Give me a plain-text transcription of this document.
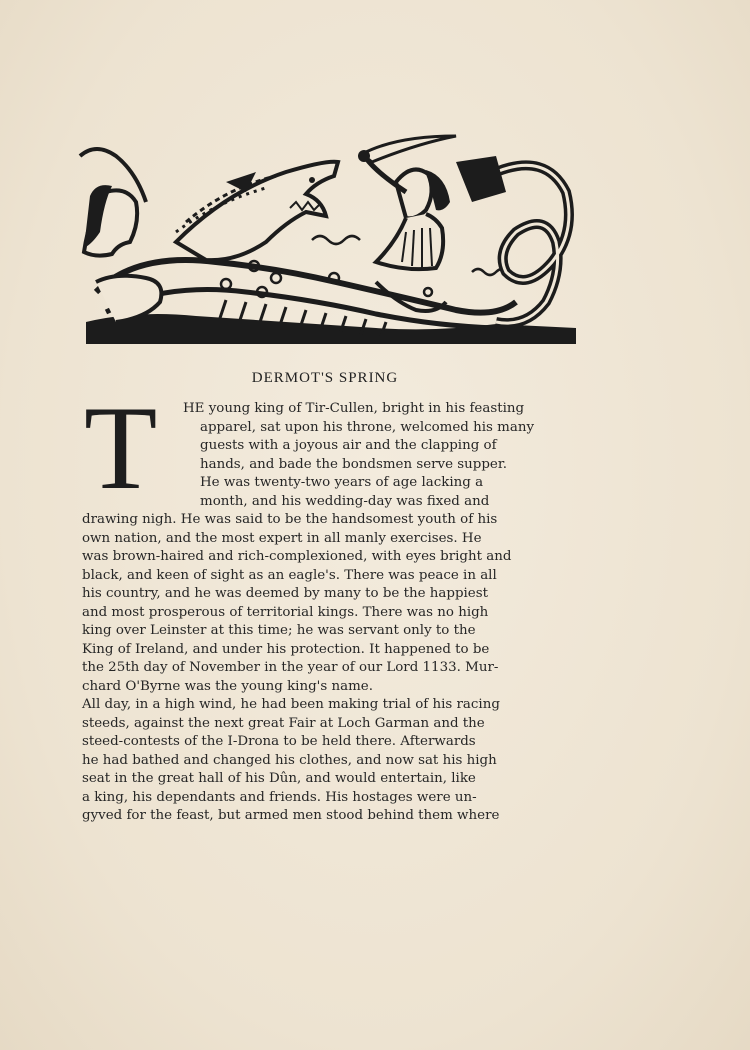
DERMOT'S SPRING
T HE young king of Tir-Cullen, bright in his feasting
apparel, sat upon his throne, welcomed his many
guests with a joyous air and the clapping of
hands, and bade the bondsmen serve supper.
He was twenty-two years of age lacking a
month, and his wedding-day was fixed and
drawing nigh. He was said to be the handsomest youth of his
own nation, and the most expert in all manly exercises. He
was brown-haired and rich-complexioned, with eyes bright and
black, and keen of sight as an eagle's. There was peace in all
his country, and he was deemed by many to be the happiest
and most prosperous of territorial kings. There was no high
king over Leinster at this time; he was servant only to the
King of Ireland, and under his protection. It happened to be
the 25th day of November in the year of our Lord 1133. Mur-
chard O'Byrne was the young king's name.
All day, in a high wind, he had been making trial of his racing
steeds, against the next great Fair at Loch Garman and the
steed-contests of the I-Drona to be held there. Afterwards
he had bathed and changed his clothes, and now sat his high
seat in the great hall of his Dûn, and would entertain, like
a king, his dependants and friends. His hostages were un-
gyved for the feast, but armed men stood behind them where
